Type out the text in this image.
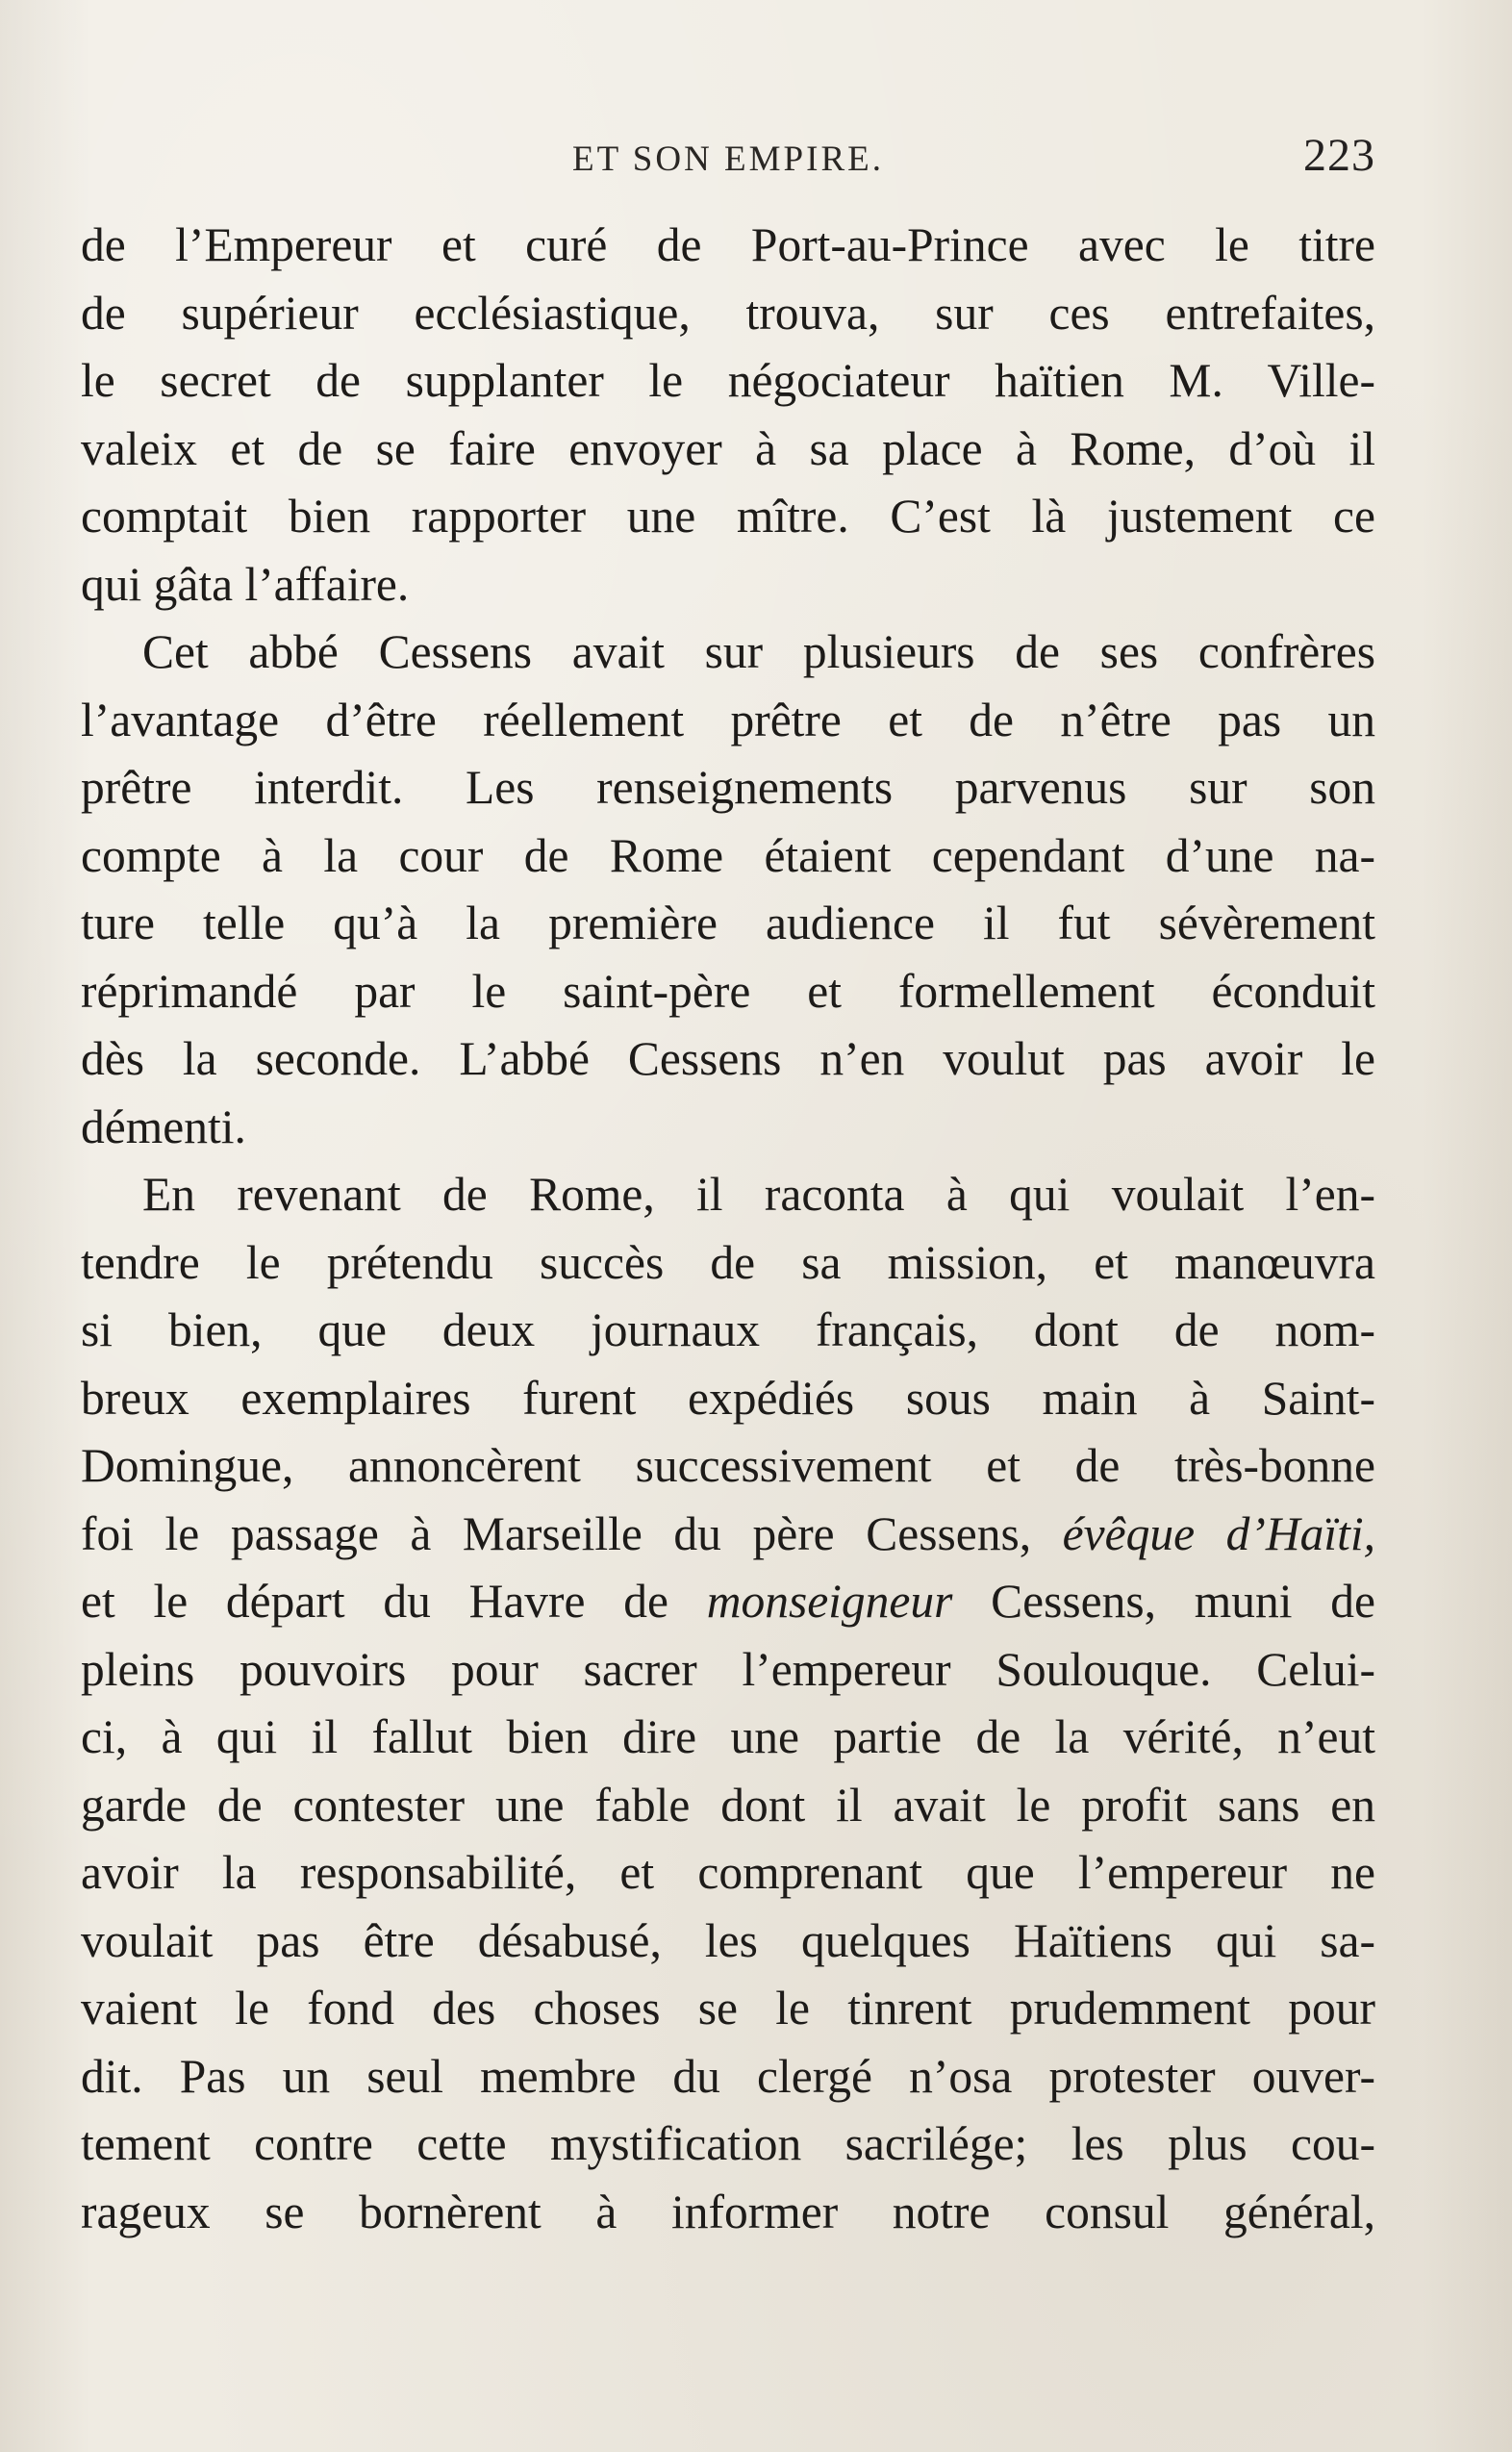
ET SON EMPIRE.	223
de l’Empereur et curé de Port-au-Prince avec le titre
de supérieur ecclésiastique, trouva, sur ces entrefaites,
le secret de supplanter le négociateur haïtien M. Ville-
valeix et de se faire envoyer à sa place à Rome, d’où il
comptait bien rapporter une mître. C’est là justement ce
qui gâta l’affaire.
Cet abbé Cessens avait sur plusieurs de ses confrères
l’avantage d’être réellement prêtre et de n’être pas un
prêtre interdit. Les renseignements parvenus sur son
compte à la cour de Rome étaient cependant d’une na-
ture telle qu’à la première audience il fut sévèrement
réprimandé par le saint-père et formellement éconduit
dès la seconde. L’abbé Cessens n’en voulut pas avoir le
démenti.
En revenant de Rome, il raconta à qui voulait l’en-
tendre le prétendu succès de sa mission, et manœuvra
si bien, que deux journaux français, dont de nom-
breux exemplaires furent expédiés sous main à Saint-
Domingue, annoncèrent successivement et de très-bonne
foi le passage à Marseille du père Cessens, évêque d’Haïti,
et le départ du Havre de monseigneur Cessens, muni de
pleins pouvoirs pour sacrer l’empereur Soulouque. Celui-
ci, à qui il fallut bien dire une partie de la vérité, n’eut
garde de contester une fable dont il avait le profit sans en
avoir la responsabilité, et comprenant que l’empereur ne
voulait pas être désabusé, les quelques Haïtiens qui sa-
vaient le fond des choses se le tinrent prudemment pour
dit. Pas un seul membre du clergé n’osa protester ouver-
tement contre cette mystification sacrilége; les plus cou-
rageux se bornèrent à informer notre consul général,
